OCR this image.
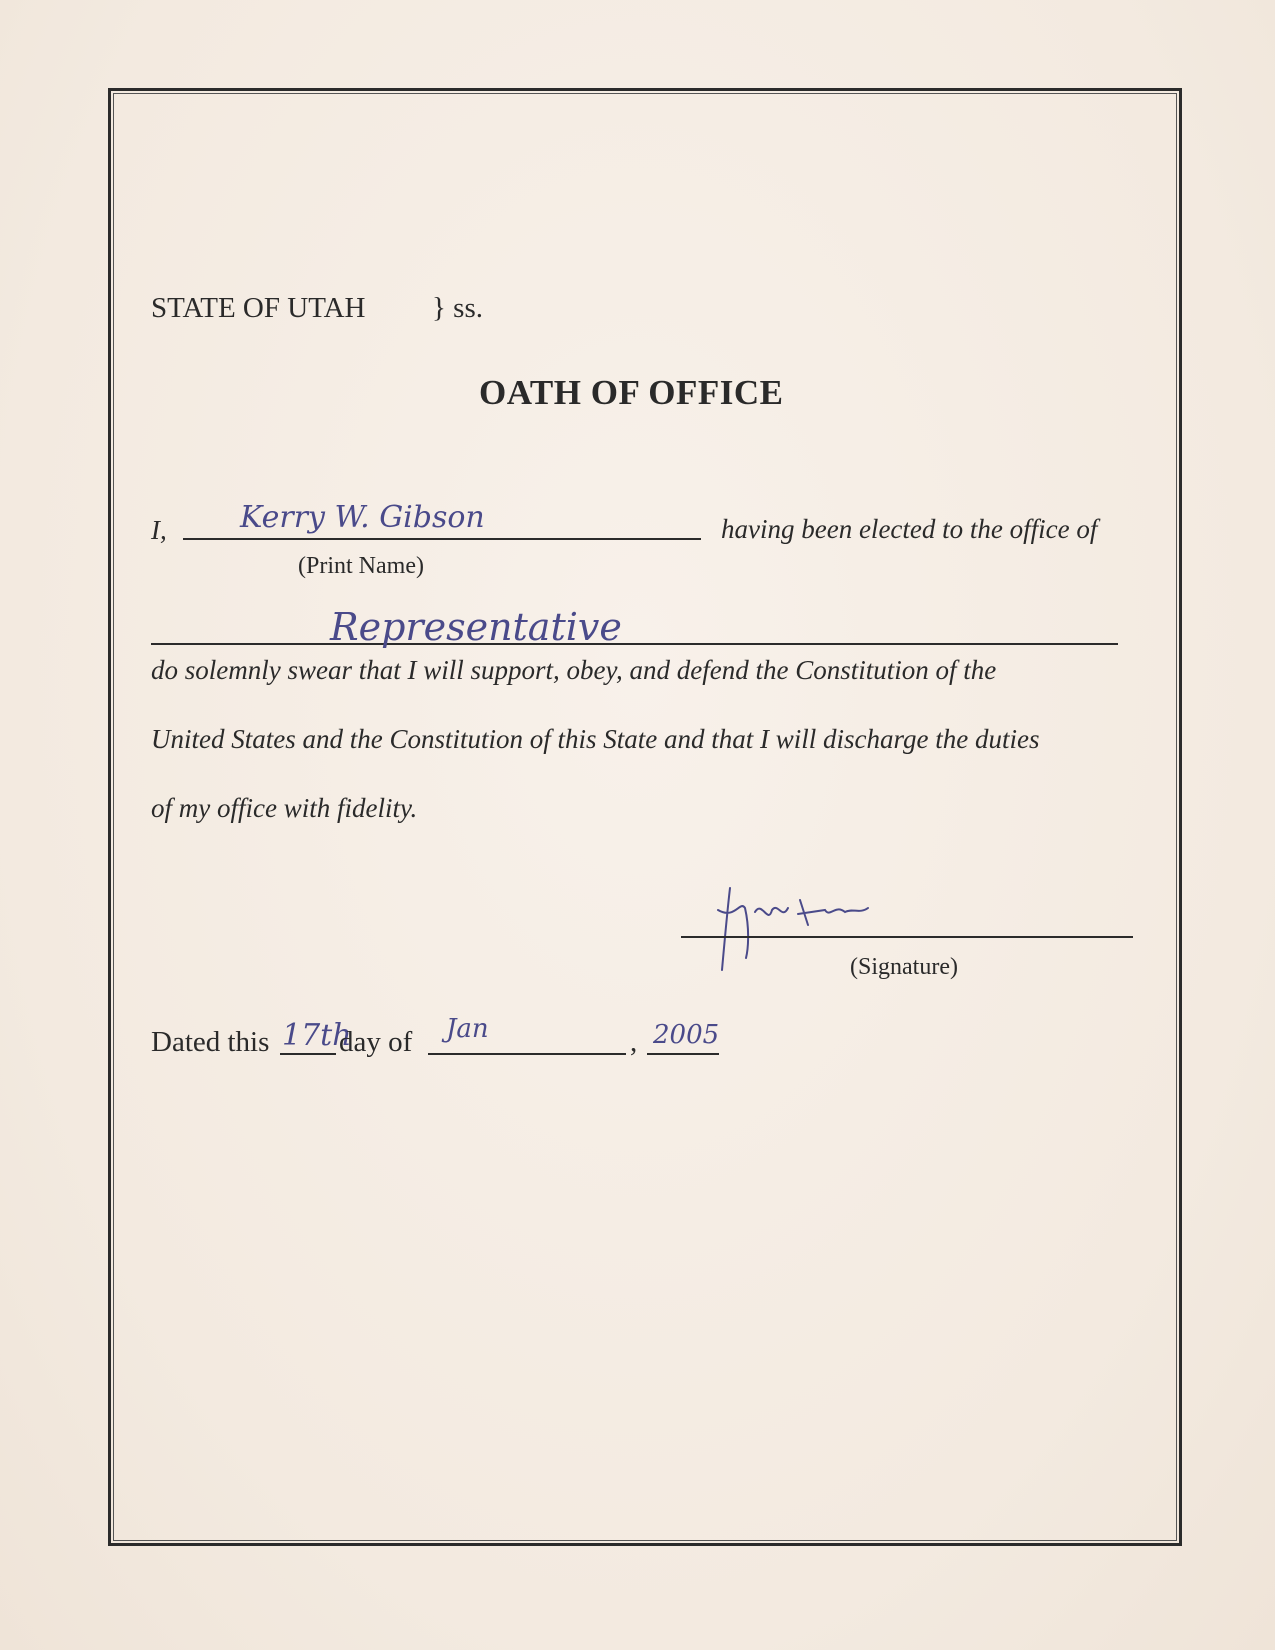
STATE OF UTAH } ss.
OATH OF OFFICE
I, Kerry W. Gibson	having been elected to the office of
(Print Name)
Representative
do solemnly swear that I will support, obey, and defend the Constitution of the
United States and the Constitution of this State and that I will discharge the duties
of my office with fidelity.
(Signature)
Dated this 17th
day of Jan	, 2005
